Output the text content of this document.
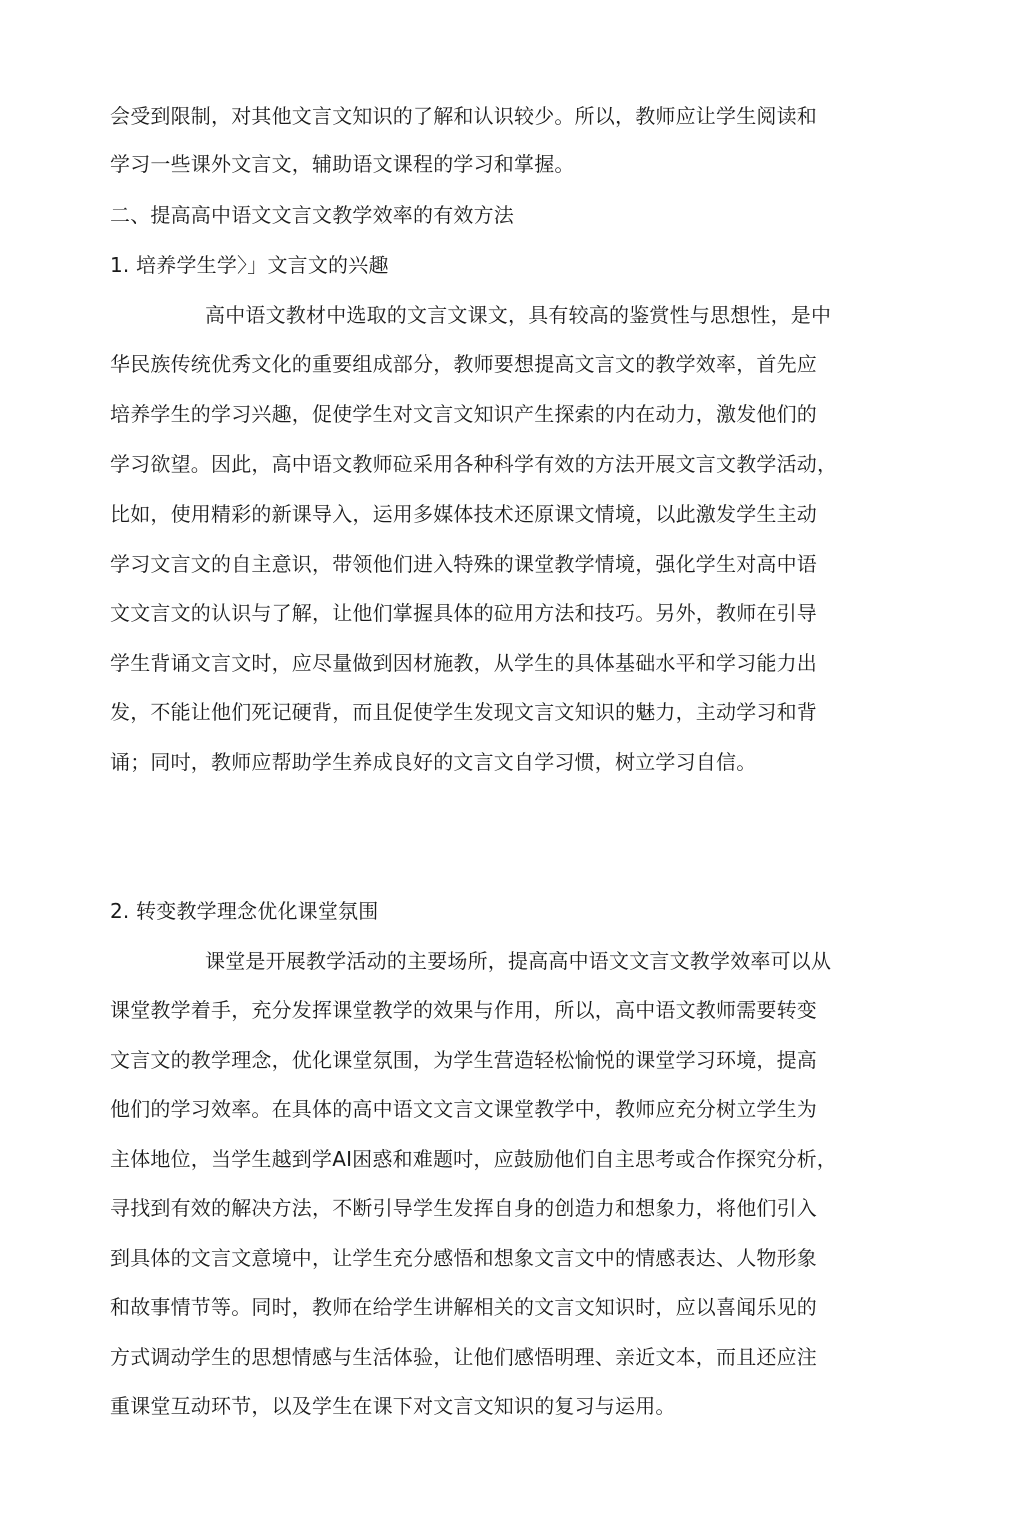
会受到限制，对其他文言文知识的了解和认识较少。所以，教师应让学生阅读和
学习一些课外文言文，辅助语文课程的学习和掌握。
二、提高高中语文文言文教学效率的有效方法
1. 培养学生学〉」文言文的兴趣
高中语文教材中选取的文言文课文，具有较高的鉴赏性与思想性，是中
华民族传统优秀文化的重要组成部分，教师要想提高文言文的教学效率，首先应
培养学生的学习兴趣，促使学生对文言文知识产生探索的内在动力，激发他们的
学习欲望。因此，高中语文教师砬采用各种科学有效的方法开展文言文教学活动，
比如，使用精彩的新课导入，运用多媒体技术还原课文情境，以此激发学生主动
学习文言文的自主意识，带领他们进入特殊的课堂教学情境，强化学生对高中语
文文言文的认识与了解，让他们掌握具体的砬用方法和技巧。另外，教师在引导
学生背诵文言文时，应尽量做到因材施教，从学生的具体基础水平和学习能力出
发，不能让他们死记硬背，而且促使学生发现文言文知识的魅力，主动学习和背
诵；同吋，教师应帮助学生养成良好的文言文自学习惯，树立学习自信。
2. 转变教学理念优化课堂氛围
课堂是开展教学活动的主要场所，提高高中语文文言文教学效率可以从
课堂教学着手，充分发挥课堂教学的效果与作用，所以，高中语文教师需要转变
文言文的教学理念，优化课堂氛围，为学生营造轻松愉悦的课堂学习环境，提高
他们的学习效率。在具体的高中语文文言文课堂教学中，教师应充分树立学生为
主体地位，当学生越到学AI困惑和难题吋，应鼓励他们自主思考或合作探究分析，
寻找到有效的解决方法，不断引导学生发挥自身的创造力和想象力，将他们引入
到具体的文言文意境中，让学生充分感悟和想象文言文中的情感表达、人物形象
和故事情节等。同时，教师在给学生讲解相关的文言文知识时，应以喜闻乐见的
方式调动学生的思想情感与生活体验，让他们感悟明理、亲近文本，而且还应注
重课堂互动环节，以及学生在课下对文言文知识的复习与运用。
